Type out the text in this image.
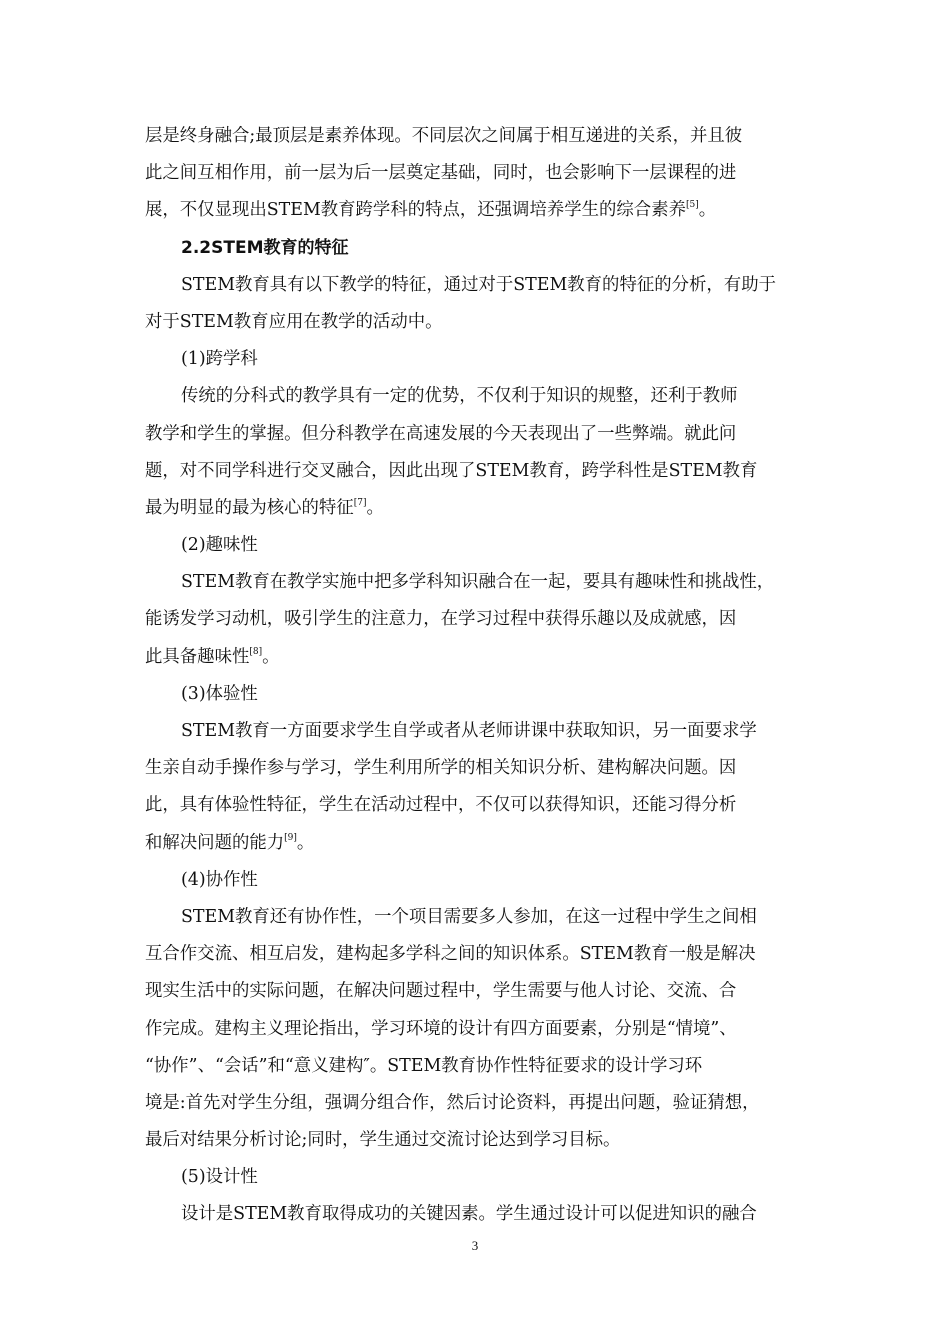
层是终身融合;最顶层是素养体现。不同层次之间属于相互递进的关系，并且彼
此之间互相作用，前一层为后一层奠定基础，同时，也会影响下一层课程的进
展，不仅显现出STEM教育跨学科的特点，还强调培养学生的综合素养[5]。
2.2STEM教育的特征
STEM教育具有以下教学的特征，通过对于STEM教育的特征的分析，有助于
对于STEM教育应用在教学的活动中。
(1)跨学科
传统的分科式的教学具有一定的优势，不仅利于知识的规整，还利于教师
教学和学生的掌握。但分科教学在高速发展的今天表现出了一些弊端。就此问
题，对不同学科进行交叉融合，因此出现了STEM教育，跨学科性是STEM教育
最为明显的最为核心的特征[7]。
(2)趣味性
STEM教育在教学实施中把多学科知识融合在一起，要具有趣味性和挑战性，
能诱发学习动机，吸引学生的注意力，在学习过程中获得乐趣以及成就感，因
此具备趣味性[8]。
(3)体验性
STEM教育一方面要求学生自学或者从老师讲课中获取知识，另一面要求学
生亲自动手操作参与学习，学生利用所学的相关知识分析、建构解决问题。因
此，具有体验性特征，学生在活动过程中，不仅可以获得知识，还能习得分析
和解决问题的能力[9]。
(4)协作性
STEM教育还有协作性，一个项目需要多人参加，在这一过程中学生之间相
互合作交流、相互启发，建构起多学科之间的知识体系。STEM教育一般是解决
现实生活中的实际问题，在解决问题过程中，学生需要与他人讨论、交流、合
作完成。建构主义理论指出，学习环境的设计有四方面要素，分别是“情境”、
“协作”、“会话”和“意义建构″。STEM教育协作性特征要求的设计学习环
境是:首先对学生分组，强调分组合作，然后讨论资料，再提出问题，验证猜想，
最后对结果分析讨论;同时，学生通过交流讨论达到学习目标。
(5)设计性
设计是STEM教育取得成功的关键因素。学生通过设计可以促进知识的融合
3
